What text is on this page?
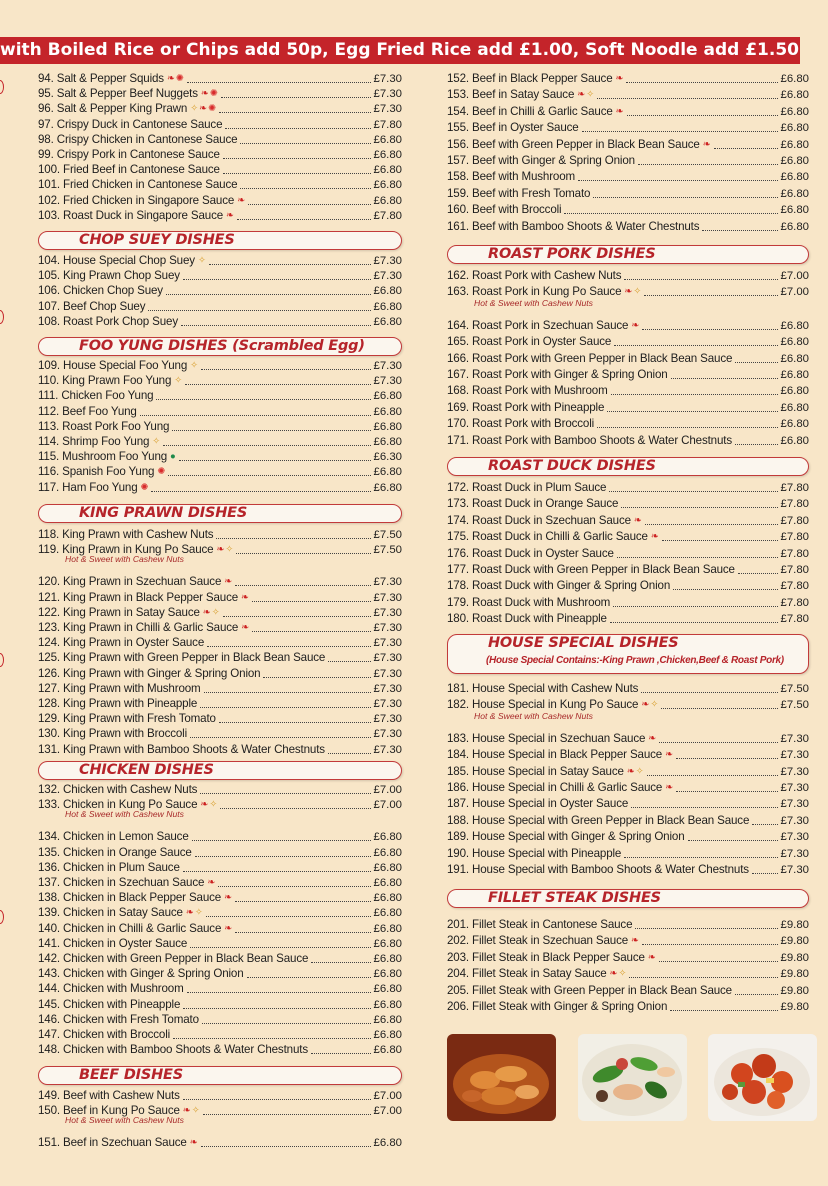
with Boiled Rice or Chips add 50p, Egg Fried Rice add £1.00, Soft Noodle add £1.50
94. Salt & Pepper Squids ❧ ✺	£7.30
95. Salt & Pepper Beef Nuggets ❧ ✺	£7.30
96. Salt & Pepper King Prawn ✧ ❧ ✺	£7.30
97. Crispy Duck in Cantonese Sauce	£7.80
98. Crispy Chicken in Cantonese Sauce	£6.80
99. Crispy Pork in Cantonese Sauce	£6.80
100. Fried Beef in Cantonese Sauce	£6.80
101. Fried Chicken in Cantonese Sauce	£6.80
102. Fried Chicken in Singapore Sauce ❧	£6.80
103. Roast Duck in Singapore Sauce ❧	£7.80
CHOP SUEY DISHES
104. House Special Chop Suey ✧	£7.30
105. King Prawn Chop Suey	£7.30
106. Chicken Chop Suey	£6.80
107. Beef Chop Suey	£6.80
108. Roast Pork Chop Suey	£6.80
FOO YUNG DISHES (Scrambled Egg)
109. House Special Foo Yung ✧	£7.30
110. King Prawn Foo Yung ✧	£7.30
111. Chicken Foo Yung	£6.80
112. Beef Foo Yung	£6.80
113. Roast Pork Foo Yung	£6.80
114. Shrimp Foo Yung ✧	£6.80
115. Mushroom Foo Yung ●	£6.30
116. Spanish Foo Yung ✺	£6.80
117. Ham Foo Yung ✺	£6.80
KING PRAWN DISHES
118. King Prawn with Cashew Nuts	£7.50
119. King Prawn in Kung Po Sauce ❧ ✧	£7.50
Hot & Sweet with Cashew Nuts
120. King Prawn in Szechuan Sauce ❧	£7.30
121. King Prawn in Black Pepper Sauce ❧	£7.30
122. King Prawn in Satay Sauce ❧ ✧	£7.30
123. King Prawn in Chilli & Garlic Sauce ❧	£7.30
124. King Prawn in Oyster Sauce	£7.30
125. King Prawn with Green Pepper in Black Bean Sauce	£7.30
126. King Prawn with Ginger & Spring Onion	£7.30
127. King Prawn with Mushroom	£7.30
128. King Prawn with Pineapple	£7.30
129. King Prawn with Fresh Tomato	£7.30
130. King Prawn with Broccoli	£7.30
131. King Prawn with Bamboo Shoots & Water Chestnuts	£7.30
CHICKEN DISHES
132. Chicken with Cashew Nuts	£7.00
133. Chicken in Kung Po Sauce ❧ ✧	£7.00
Hot & Sweet with Cashew Nuts
134. Chicken in Lemon Sauce	£6.80
135. Chicken in Orange Sauce	£6.80
136. Chicken in Plum Sauce	£6.80
137. Chicken in Szechuan Sauce ❧	£6.80
138. Chicken in Black Pepper Sauce ❧	£6.80
139. Chicken in Satay Sauce ❧ ✧	£6.80
140. Chicken in Chilli & Garlic Sauce ❧	£6.80
141. Chicken in Oyster Sauce	£6.80
142. Chicken with Green Pepper in Black Bean Sauce	£6.80
143. Chicken with Ginger & Spring Onion	£6.80
144. Chicken with Mushroom	£6.80
145. Chicken with Pineapple	£6.80
146. Chicken with Fresh Tomato	£6.80
147. Chicken with Broccoli	£6.80
148. Chicken with Bamboo Shoots & Water Chestnuts	£6.80
BEEF DISHES
149. Beef with Cashew Nuts	£7.00
150. Beef in Kung Po Sauce ❧ ✧	£7.00
Hot & Sweet with Cashew Nuts
151. Beef in Szechuan Sauce ❧	£6.80
152. Beef in Black Pepper Sauce ❧	£6.80
153. Beef in Satay Sauce ❧ ✧	£6.80
154. Beef in Chilli & Garlic Sauce ❧	£6.80
155. Beef in Oyster Sauce	£6.80
156. Beef with Green Pepper in Black Bean Sauce ❧	£6.80
157. Beef with Ginger & Spring Onion	£6.80
158. Beef with Mushroom	£6.80
159. Beef with Fresh Tomato	£6.80
160. Beef with Broccoli	£6.80
161. Beef with Bamboo Shoots & Water Chestnuts	£6.80
ROAST PORK DISHES
162. Roast Pork with Cashew Nuts	£7.00
163. Roast Pork in Kung Po Sauce ❧ ✧	£7.00
Hot & Sweet with Cashew Nuts
164. Roast Pork in Szechuan Sauce ❧	£6.80
165. Roast Pork in Oyster Sauce	£6.80
166. Roast Pork with Green Pepper in Black Bean Sauce	£6.80
167. Roast Pork with Ginger & Spring Onion	£6.80
168. Roast Pork with Mushroom	£6.80
169. Roast Pork with Pineapple	£6.80
170. Roast Pork with Broccoli	£6.80
171. Roast Pork with Bamboo Shoots & Water Chestnuts	£6.80
ROAST DUCK DISHES
172. Roast Duck in Plum Sauce	£7.80
173. Roast Duck in Orange Sauce	£7.80
174. Roast Duck in Szechuan Sauce ❧	£7.80
175. Roast Duck in Chilli & Garlic Sauce ❧	£7.80
176. Roast Duck in Oyster Sauce	£7.80
177. Roast Duck with Green Pepper in Black Bean Sauce	£7.80
178. Roast Duck with Ginger & Spring Onion	£7.80
179. Roast Duck with Mushroom	£7.80
180. Roast Duck with Pineapple	£7.80
HOUSE SPECIAL DISHES
(House Special Contains:-King Prawn ,Chicken,Beef & Roast Pork)
181. House Special with Cashew Nuts	£7.50
182. House Special in Kung Po Sauce ❧ ✧	£7.50
Hot & Sweet with Cashew Nuts
183. House Special in Szechuan Sauce ❧	£7.30
184. House Special in Black Pepper Sauce ❧	£7.30
185. House Special in Satay Sauce ❧ ✧	£7.30
186. House Special in Chilli & Garlic Sauce ❧	£7.30
187. House Special in Oyster Sauce	£7.30
188. House Special with Green Pepper in Black Bean Sauce	£7.30
189. House Special with Ginger & Spring Onion	£7.30
190. House Special with Pineapple	£7.30
191. House Special with Bamboo Shoots & Water Chestnuts	£7.30
FILLET STEAK DISHES
201. Fillet Steak in Cantonese Sauce	£9.80
202. Fillet Steak in Szechuan Sauce ❧	£9.80
203. Fillet Steak in Black Pepper Sauce ❧	£9.80
204. Fillet Steak in Satay Sauce ❧ ✧	£9.80
205. Fillet Steak with Green Pepper in Black Bean Sauce	£9.80
206. Fillet Steak with Ginger & Spring Onion	£9.80
